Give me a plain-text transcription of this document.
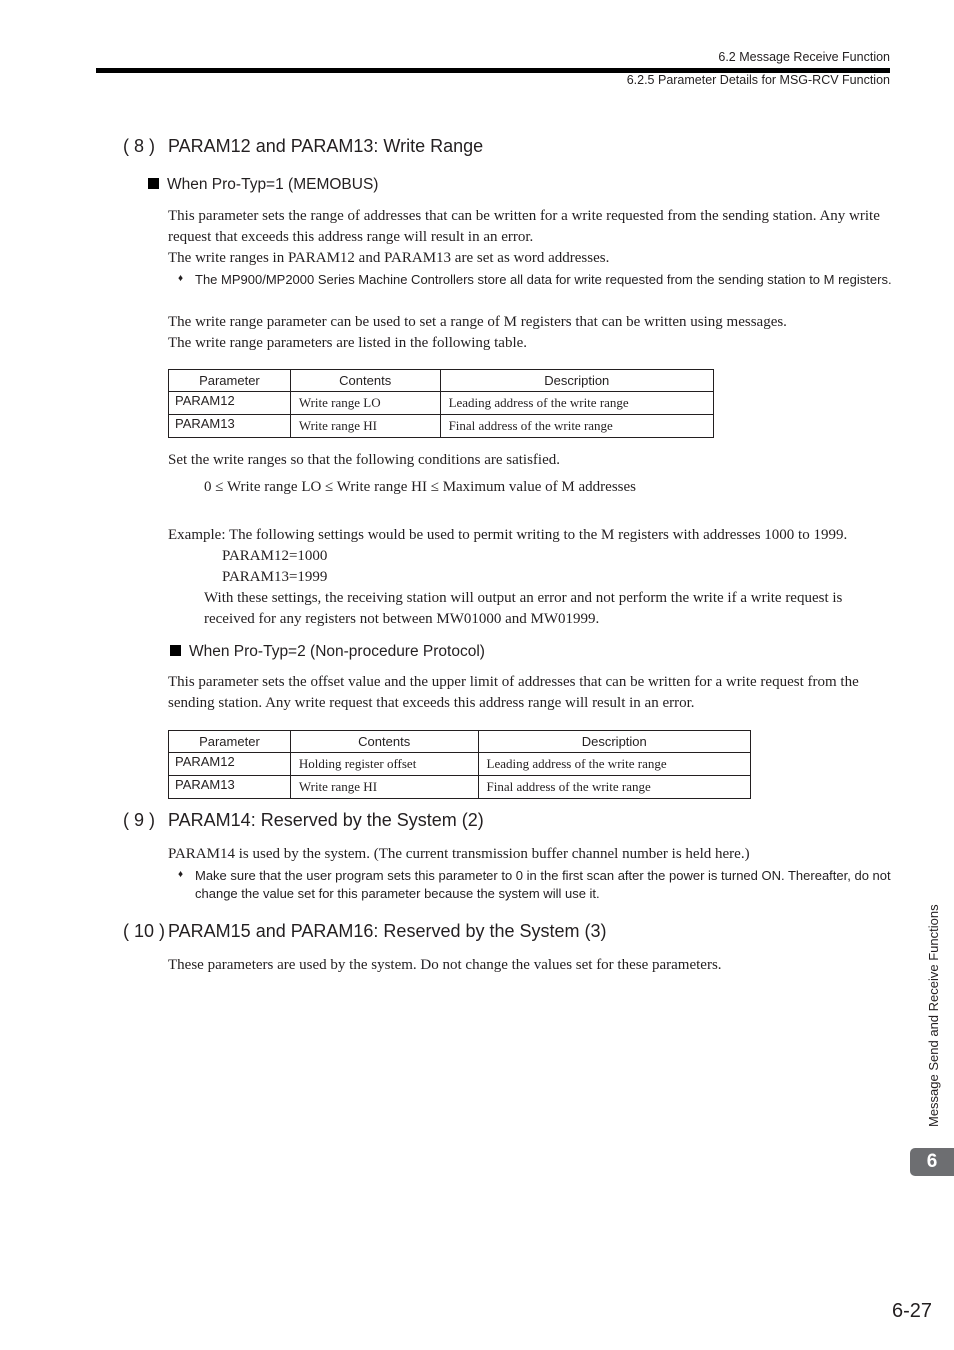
6.2 Message Receive Function
6.2.5 Parameter Details for MSG-RCV Function
( 8 ) PARAM12 and PARAM13: Write Range
When Pro-Typ=1 (MEMOBUS)
This parameter sets the range of addresses that can be written for a write requested from the sending station. Any write request that exceeds this address range will result in an error.
The write ranges in PARAM12 and PARAM13 are set as word addresses.
♦ The MP900/MP2000 Series Machine Controllers store all data for write requested from the sending station to M registers.
The write range parameter can be used to set a range of M registers that can be written using messages.
The write range parameters are listed in the following table.
Parameter	Contents	Description
PARAM12	Write range LO	Leading address of the write range
PARAM13	Write range HI	Final address of the write range
Set the write ranges so that the following conditions are satisfied.
0 ≤ Write range LO ≤ Write range HI ≤ Maximum value of M addresses
Example: The following settings would be used to permit writing to the M registers with addresses 1000 to 1999.
PARAM12=1000
PARAM13=1999
With these settings, the receiving station will output an error and not perform the write if a write request is received for any registers not between MW01000 and MW01999.
When Pro-Typ=2 (Non-procedure Protocol)
This parameter sets the offset value and the upper limit of addresses that can be written for a write request from the sending station. Any write request that exceeds this address range will result in an error.
Parameter	Contents	Description
PARAM12	Holding register offset	Leading address of the write range
PARAM13	Write range HI	Final address of the write range
( 9 ) PARAM14: Reserved by the System (2)
PARAM14 is used by the system. (The current transmission buffer channel number is held here.)
♦ Make sure that the user program sets this parameter to 0 in the first scan after the power is turned ON. Thereafter, do not change the value set for this parameter because the system will use it.
( 10 ) PARAM15 and PARAM16: Reserved by the System (3)
These parameters are used by the system. Do not change the values set for these parameters.	Message Send and Receive Functions
6
6-27
